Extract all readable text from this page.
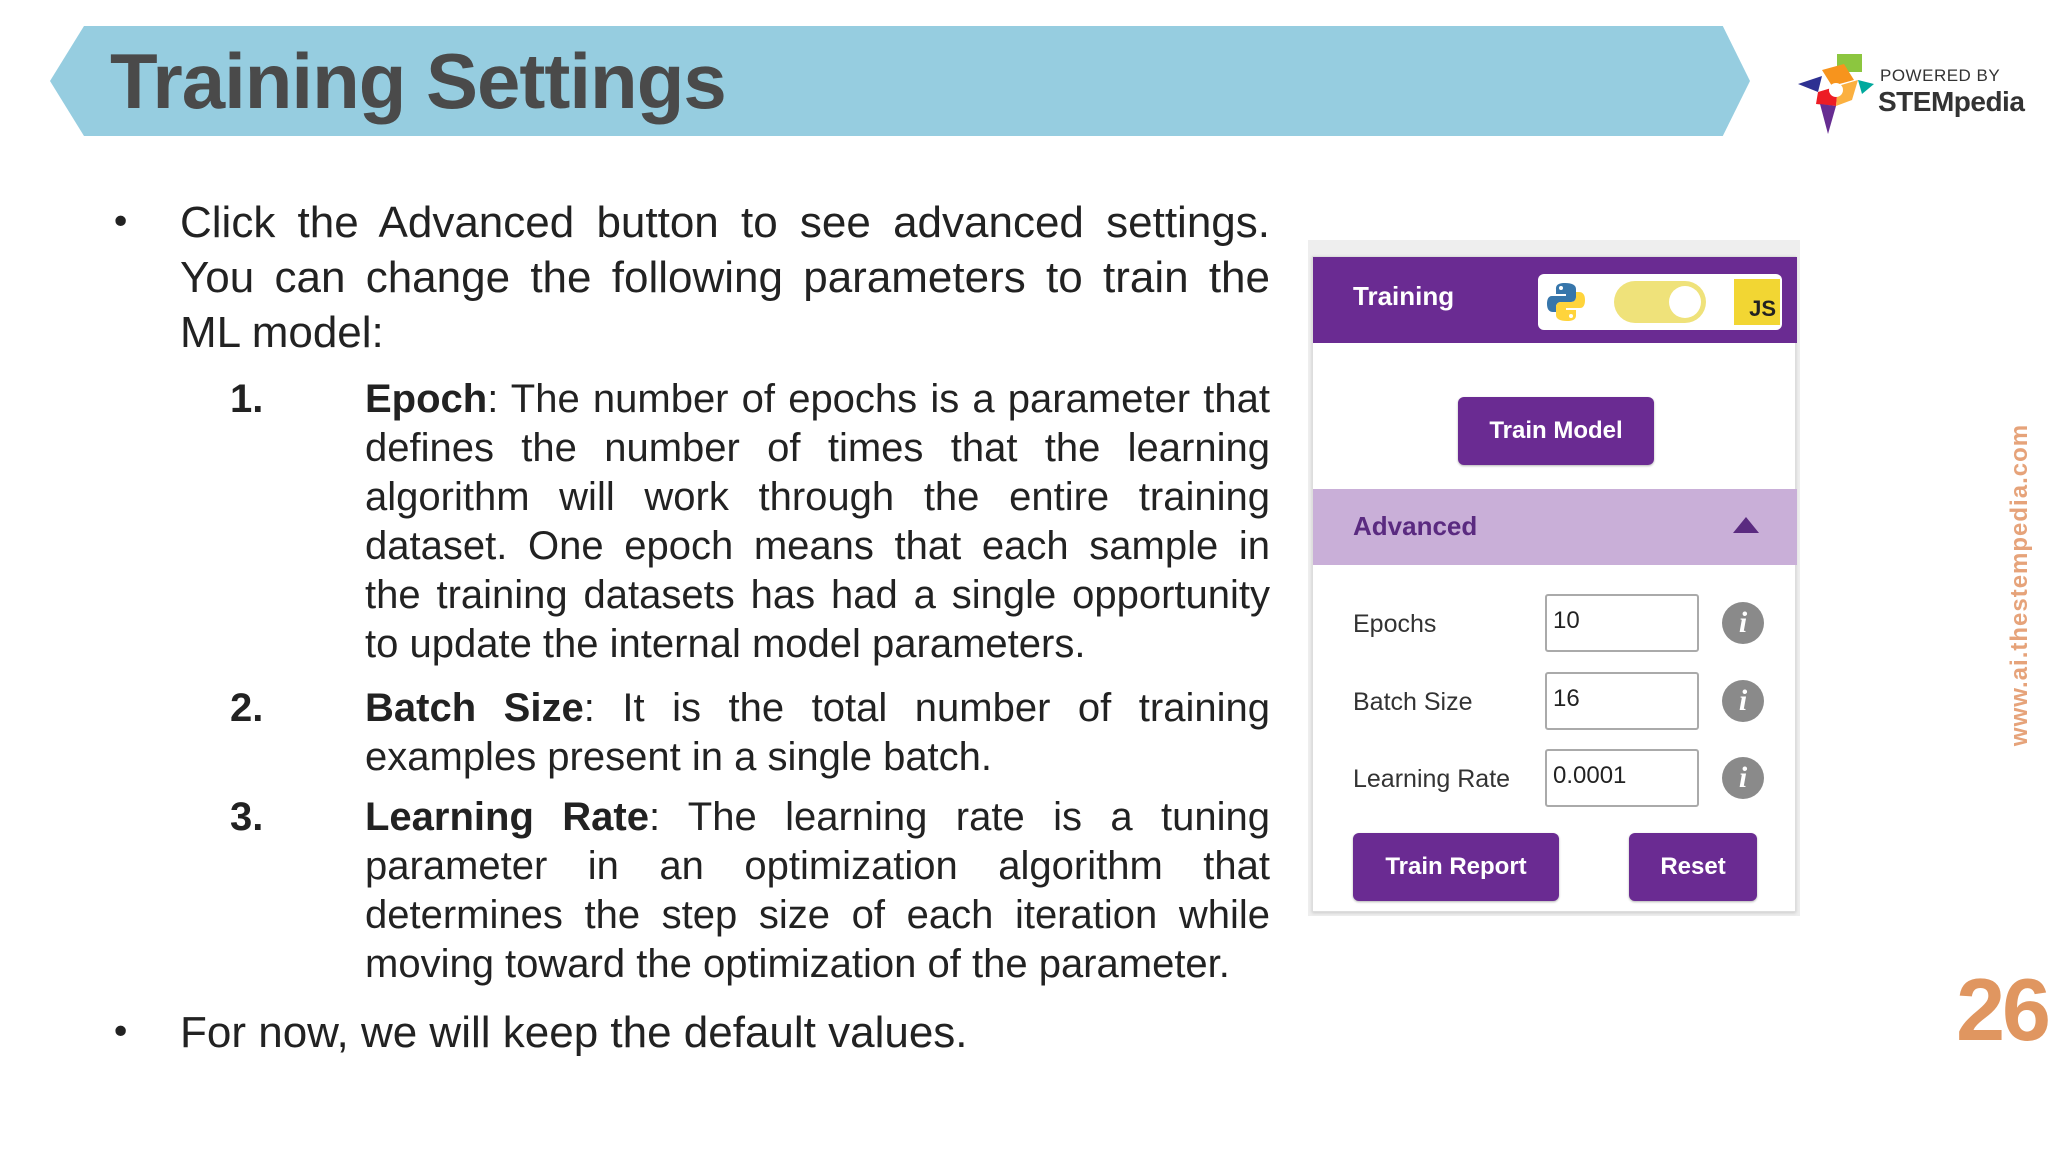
Training Settings	POWERED BY
STEMpedia
www.ai.thestempedia.com
26
• Click the Advanced button to see advanced settings. You can change the following parameters to train the ML model:
1.	Epoch: The number of epochs is a parameter that defines the number of times that the learning algorithm will work through the entire training dataset. One epoch means that each sample in the training datasets has had a single opportunity to update the internal model parameters.
2.	Batch Size: It is the total number of training examples present in a single batch.
3.	Learning Rate: The learning rate is a tuning parameter in an optimization algorithm that determines the step size of each iteration while moving toward the optimization of the parameter.
• For now, we will keep the default values.
Training	JS
Train Model
Advanced
Epochs	10	i
Batch Size	16	i
Learning Rate	0.0001	i
Train Report	Reset
